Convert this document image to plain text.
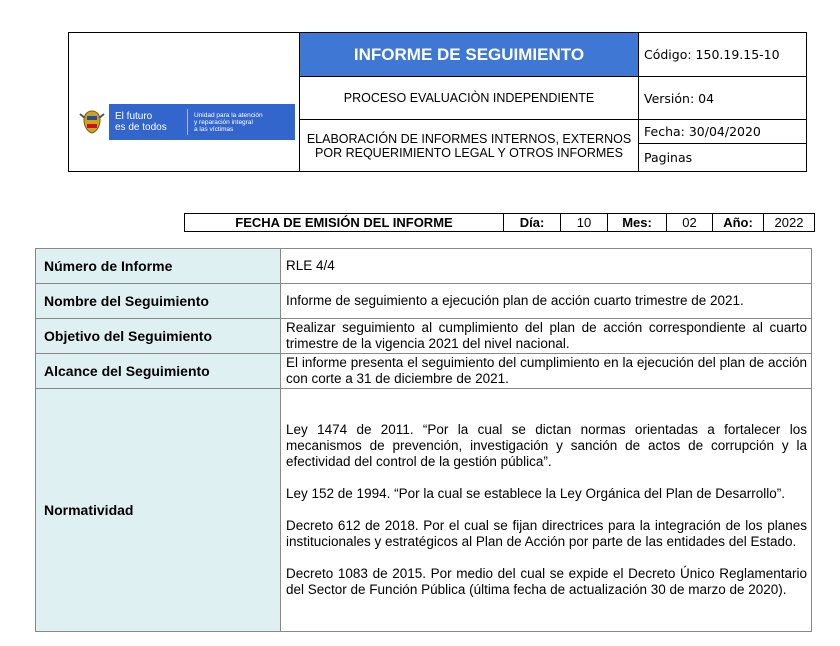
El futuro
es de todos
Unidad para la atención
y reparación integral
a las víctimas	INFORME DE SEGUIMIENTO	Código: 150.19.15-10
	PROCESO EVALUACIÒN INDEPENDIENTE	Versión: 04
	ELABORACIÓN DE INFORMES INTERNOS, EXTERNOS POR REQUERIMIENTO LEGAL Y OTROS INFORMES	Fecha: 30/04/2020
		Paginas
FECHA DE EMISIÓN DEL INFORME	Día:	10	Mes:	02	Año:	2022
Número de Informe	RLE 4/4
Nombre del Seguimiento	Informe de seguimiento a ejecución plan de acción cuarto trimestre de 2021.
Objetivo del Seguimiento	Realizar seguimiento al cumplimiento del plan de acción correspondiente al cuarto trimestre de la vigencia 2021 del nivel nacional.
Alcance del Seguimiento	El informe presenta el seguimiento del cumplimiento en la ejecución del plan de acción con corte a 31 de diciembre de 2021.
Normatividad	Ley 1474 de 2011. “Por la cual se dictan normas orientadas a fortalecer los mecanismos de prevención, investigación y sanción de actos de corrupción y la efectividad del control de la gestión pública”.

Ley 152 de 1994. “Por la cual se establece la Ley Orgánica del Plan de Desarrollo”.

Decreto 612 de 2018. Por el cual se fijan directrices para la integración de los planes institucionales y estratégicos al Plan de Acción por parte de las entidades del Estado.

Decreto 1083 de 2015. Por medio del cual se expide el Decreto Único Reglamentario del Sector de Función Pública (última fecha de actualización 30 de marzo de 2020).
